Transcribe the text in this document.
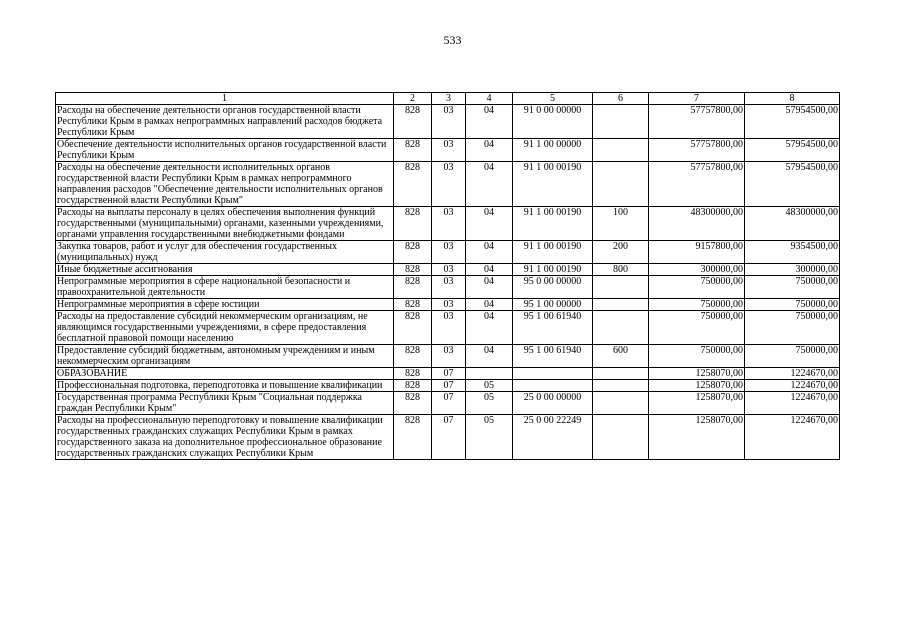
533
1	2	3	4	5	6	7	8
Расходы на обеспечение деятельности органов государственной власти Республики Крым в рамках непрограммных направлений расходов бюджета Республики Крым	828	03	04	91 0 00 00000		57757800,00	57954500,00
Обеспечение деятельности исполнительных органов государственной власти Республики Крым	828	03	04	91 1 00 00000		57757800,00	57954500,00
Расходы на обеспечение деятельности исполнительных органов государственной власти Республики Крым в рамках непрограммного направления расходов "Обеспечение деятельности исполнительных органов государственной власти Республики Крым"	828	03	04	91 1 00 00190		57757800,00	57954500,00
Расходы на выплаты персоналу в целях обеспечения выполнения функций государственными (муниципальными) органами, казенными учреждениями, органами управления государственными внебюджетными фондами	828	03	04	91 1 00 00190	100	48300000,00	48300000,00
Закупка товаров, работ и услуг для обеспечения государственных (муниципальных) нужд	828	03	04	91 1 00 00190	200	9157800,00	9354500,00
Иные бюджетные ассигнования	828	03	04	91 1 00 00190	800	300000,00	300000,00
Непрограммные мероприятия в сфере национальной безопасности и правоохранительной деятельности	828	03	04	95 0 00 00000		750000,00	750000,00
Непрограммные мероприятия в сфере юстиции	828	03	04	95 1 00 00000		750000,00	750000,00
Расходы на предоставление субсидий некоммерческим организациям, не являющимся государственными учреждениями, в сфере предоставления бесплатной правовой помощи населению	828	03	04	95 1 00 61940		750000,00	750000,00
Предоставление субсидий бюджетным, автономным учреждениям и иным некоммерческим организациям	828	03	04	95 1 00 61940	600	750000,00	750000,00
ОБРАЗОВАНИЕ	828	07				1258070,00	1224670,00
Профессиональная подготовка, переподготовка и повышение квалификации	828	07	05			1258070,00	1224670,00
Государственная программа Республики Крым "Социальная поддержка граждан Республики Крым"	828	07	05	25 0 00 00000		1258070,00	1224670,00
Расходы на профессиональную переподготовку и повышение квалификации государственных гражданских служащих Республики Крым в рамках государственного заказа на дополнительное профессиональное образование государственных гражданских служащих Республики Крым	828	07	05	25 0 00 22249		1258070,00	1224670,00
